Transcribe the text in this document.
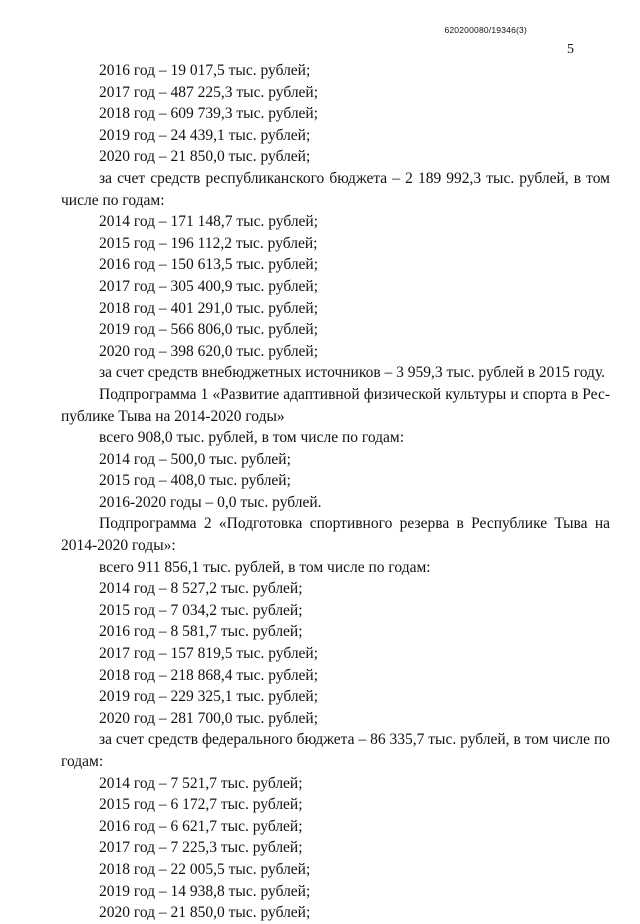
620200080/19346(3)
5
2016 год – 19 017,5 тыс. рублей;
2017 год – 487 225,3 тыс. рублей;
2018 год – 609 739,3 тыс. рублей;
2019 год – 24 439,1 тыс. рублей;
2020 год – 21 850,0 тыс. рублей;
за счет средств республиканского бюджета – 2 189 992,3 тыс. рублей, в том
числе по годам:
2014 год – 171 148,7 тыс. рублей;
2015 год – 196 112,2 тыс. рублей;
2016 год – 150 613,5 тыс. рублей;
2017 год – 305 400,9 тыс. рублей;
2018 год – 401 291,0 тыс. рублей;
2019 год – 566 806,0 тыс. рублей;
2020 год – 398 620,0 тыс. рублей;
за счет средств внебюджетных источников – 3 959,3 тыс. рублей в 2015 году.
Подпрограмма 1 «Развитие адаптивной физической культуры и спорта в Рес-
публике Тыва на 2014-2020 годы»
всего 908,0 тыс. рублей, в том числе по годам:
2014 год – 500,0 тыс. рублей;
2015 год – 408,0 тыс. рублей;
2016-2020 годы – 0,0 тыс. рублей.
Подпрограмма 2 «Подготовка спортивного резерва в Республике Тыва на
2014-2020 годы»:
всего 911 856,1 тыс. рублей, в том числе по годам:
2014 год – 8 527,2 тыс. рублей;
2015 год – 7 034,2 тыс. рублей;
2016 год – 8 581,7 тыс. рублей;
2017 год – 157 819,5 тыс. рублей;
2018 год – 218 868,4 тыс. рублей;
2019 год – 229 325,1 тыс. рублей;
2020 год – 281 700,0 тыс. рублей;
за счет средств федерального бюджета – 86 335,7 тыс. рублей, в том числе по
годам:
2014 год – 7 521,7 тыс. рублей;
2015 год – 6 172,7 тыс. рублей;
2016 год – 6 621,7 тыс. рублей;
2017 год – 7 225,3 тыс. рублей;
2018 год – 22 005,5 тыс. рублей;
2019 год – 14 938,8 тыс. рублей;
2020 год – 21 850,0 тыс. рублей;
